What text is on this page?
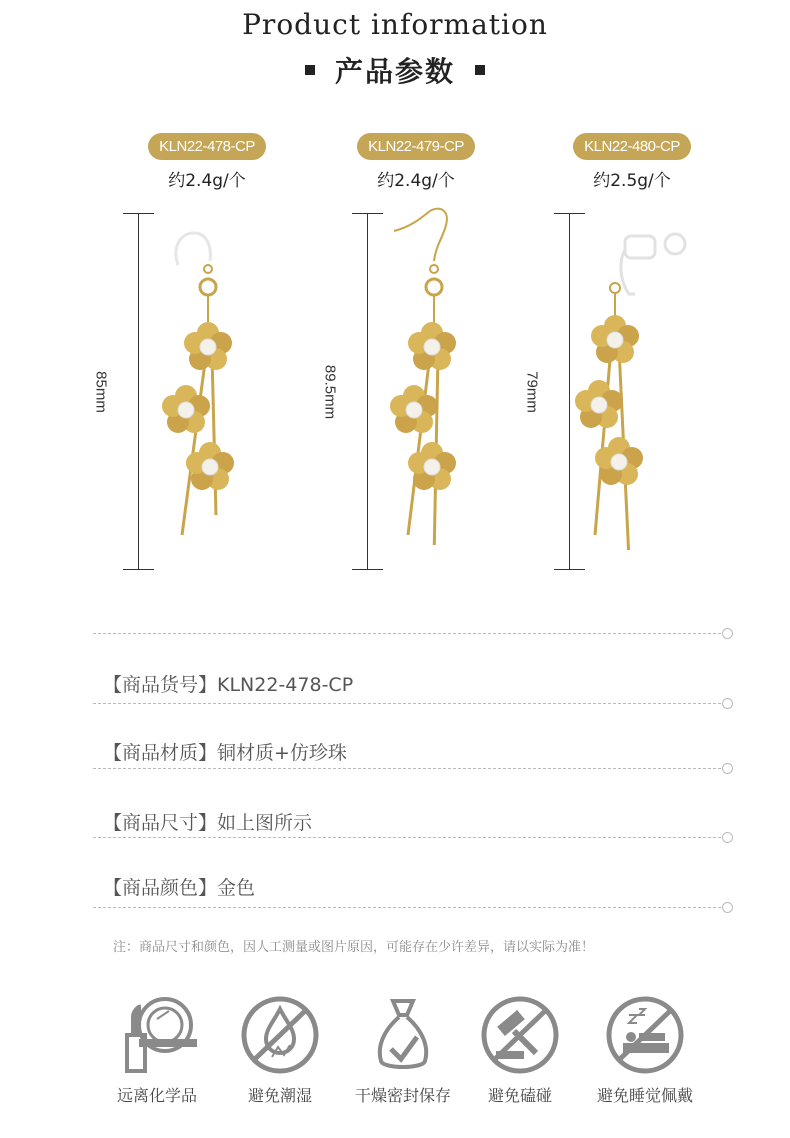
Product information
产品参数
KLN22-478-CP
约2.4g/个
85mm
KLN22-479-CP
约2.4g/个
89.5mm
KLN22-480-CP
约2.5g/个
79mm
【商品货号】KLN22-478-CP
【商品材质】铜材质+仿珍珠
【商品尺寸】如上图所示
【商品颜色】金色
注：商品尺寸和颜色，因人工测量或图片原因，可能存在少许差异，请以实际为准！
远离化学品	避免潮湿	干燥密封保存	避免磕碰	避免睡觉佩戴
